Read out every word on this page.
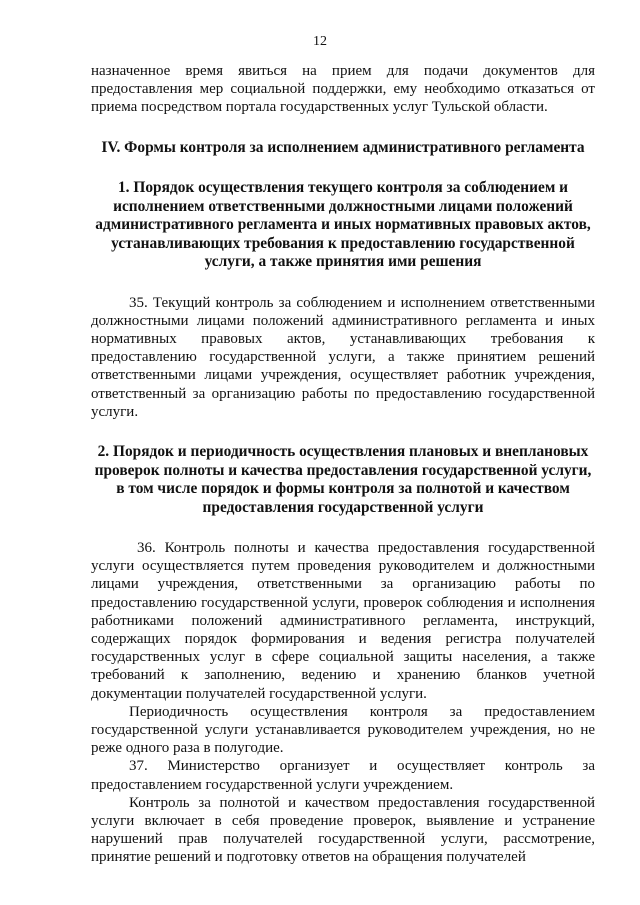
12

назначенное время явиться на прием для подачи документов для предоставления мер социальной поддержки, ему необходимо отказаться от приема посредством портала государственных услуг Тульской области.

IV. Формы контроля за исполнением административного регламента
1. Порядок осуществления текущего контроля за соблюдением и исполнением ответственными должностными лицами положений административного регламента и иных нормативных правовых актов, устанавливающих требования к предоставлению государственной услуги, а также принятия ими решения

35. Текущий контроль за соблюдением и исполнением ответственными должностными лицами положений административного регламента и иных нормативных правовых актов, устанавливающих требования к предоставлению государственной услуги, а также принятием решений ответственными лицами учреждения, осуществляет работник учреждения, ответственный за организацию работы по предоставлению государственной услуги.

2. Порядок и периодичность осуществления плановых и внеплановых проверок полноты и качества предоставления государственной услуги, в том числе порядок и формы контроля за полнотой и качеством предоставления государственной услуги

36. Контроль полноты и качества предоставления государственной услуги осуществляется путем проведения руководителем и должностными лицами учреждения, ответственными за организацию работы по предоставлению государственной услуги, проверок соблюдения и исполнения работниками положений административного регламента, инструкций, содержащих порядок формирования и ведения регистра получателей государственных услуг в сфере социальной защиты населения, а также требований к заполнению, ведению и хранению бланков учетной документации получателей государственной услуги.

Периодичность осуществления контроля за предоставлением государственной услуги устанавливается руководителем учреждения, но не реже одного раза в полугодие.

37. Министерство организует и осуществляет контроль за предоставлением государственной услуги учреждением.

Контроль за полнотой и качеством предоставления государственной услуги включает в себя проведение проверок, выявление и устранение нарушений прав получателей государственной услуги, рассмотрение, принятие решений и подготовку ответов на обращения получателей
